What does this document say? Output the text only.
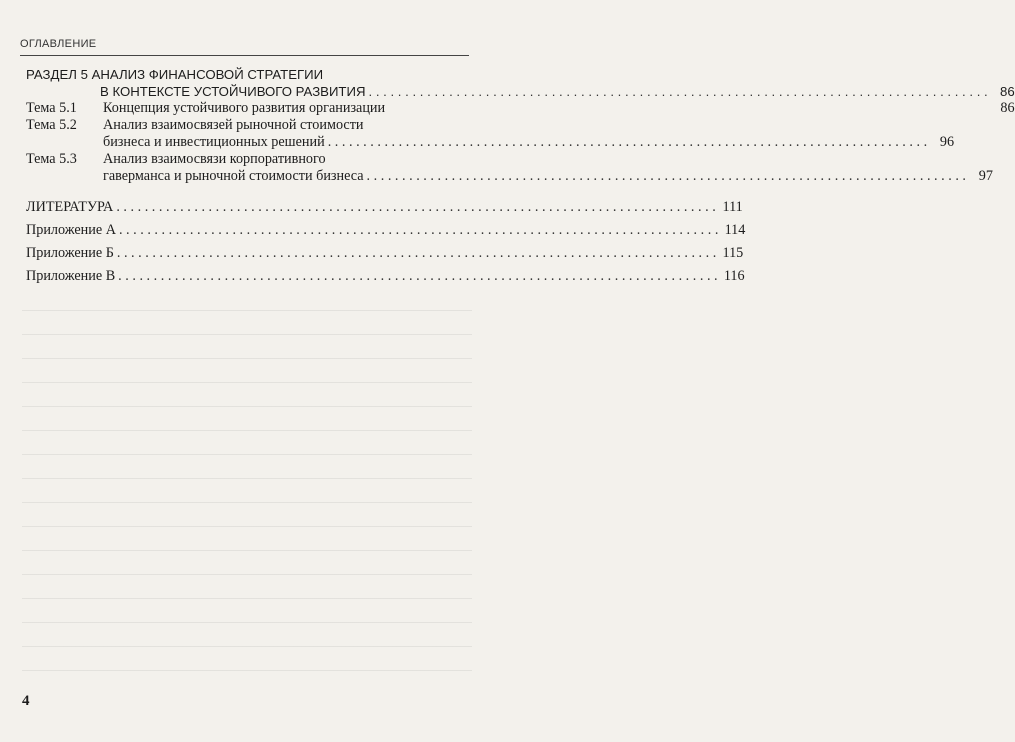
ОГЛАВЛЕНИЕ
РАЗДЕЛ 5 АНАЛИЗ ФИНАНСОВОЙ СТРАТЕГИИ
В КОНТЕКСТЕ УСТОЙЧИВОГО РАЗВИТИЯ . . .	86
Тема 5.1	Концепция устойчивого развития организации	86
Тема 5.2	Анализ взаимосвязей рыночной стоимости
бизнеса и инвестиционных решений . . .	96
Тема 5.3	Анализ взаимосвязи корпоративного
гаверманса и рыночной стоимости бизнеса . . .	97
ЛИТЕРАТУРА . . .	111
Приложение А . . .	114
Приложение Б . . .	115
Приложение В . . .	116
4
